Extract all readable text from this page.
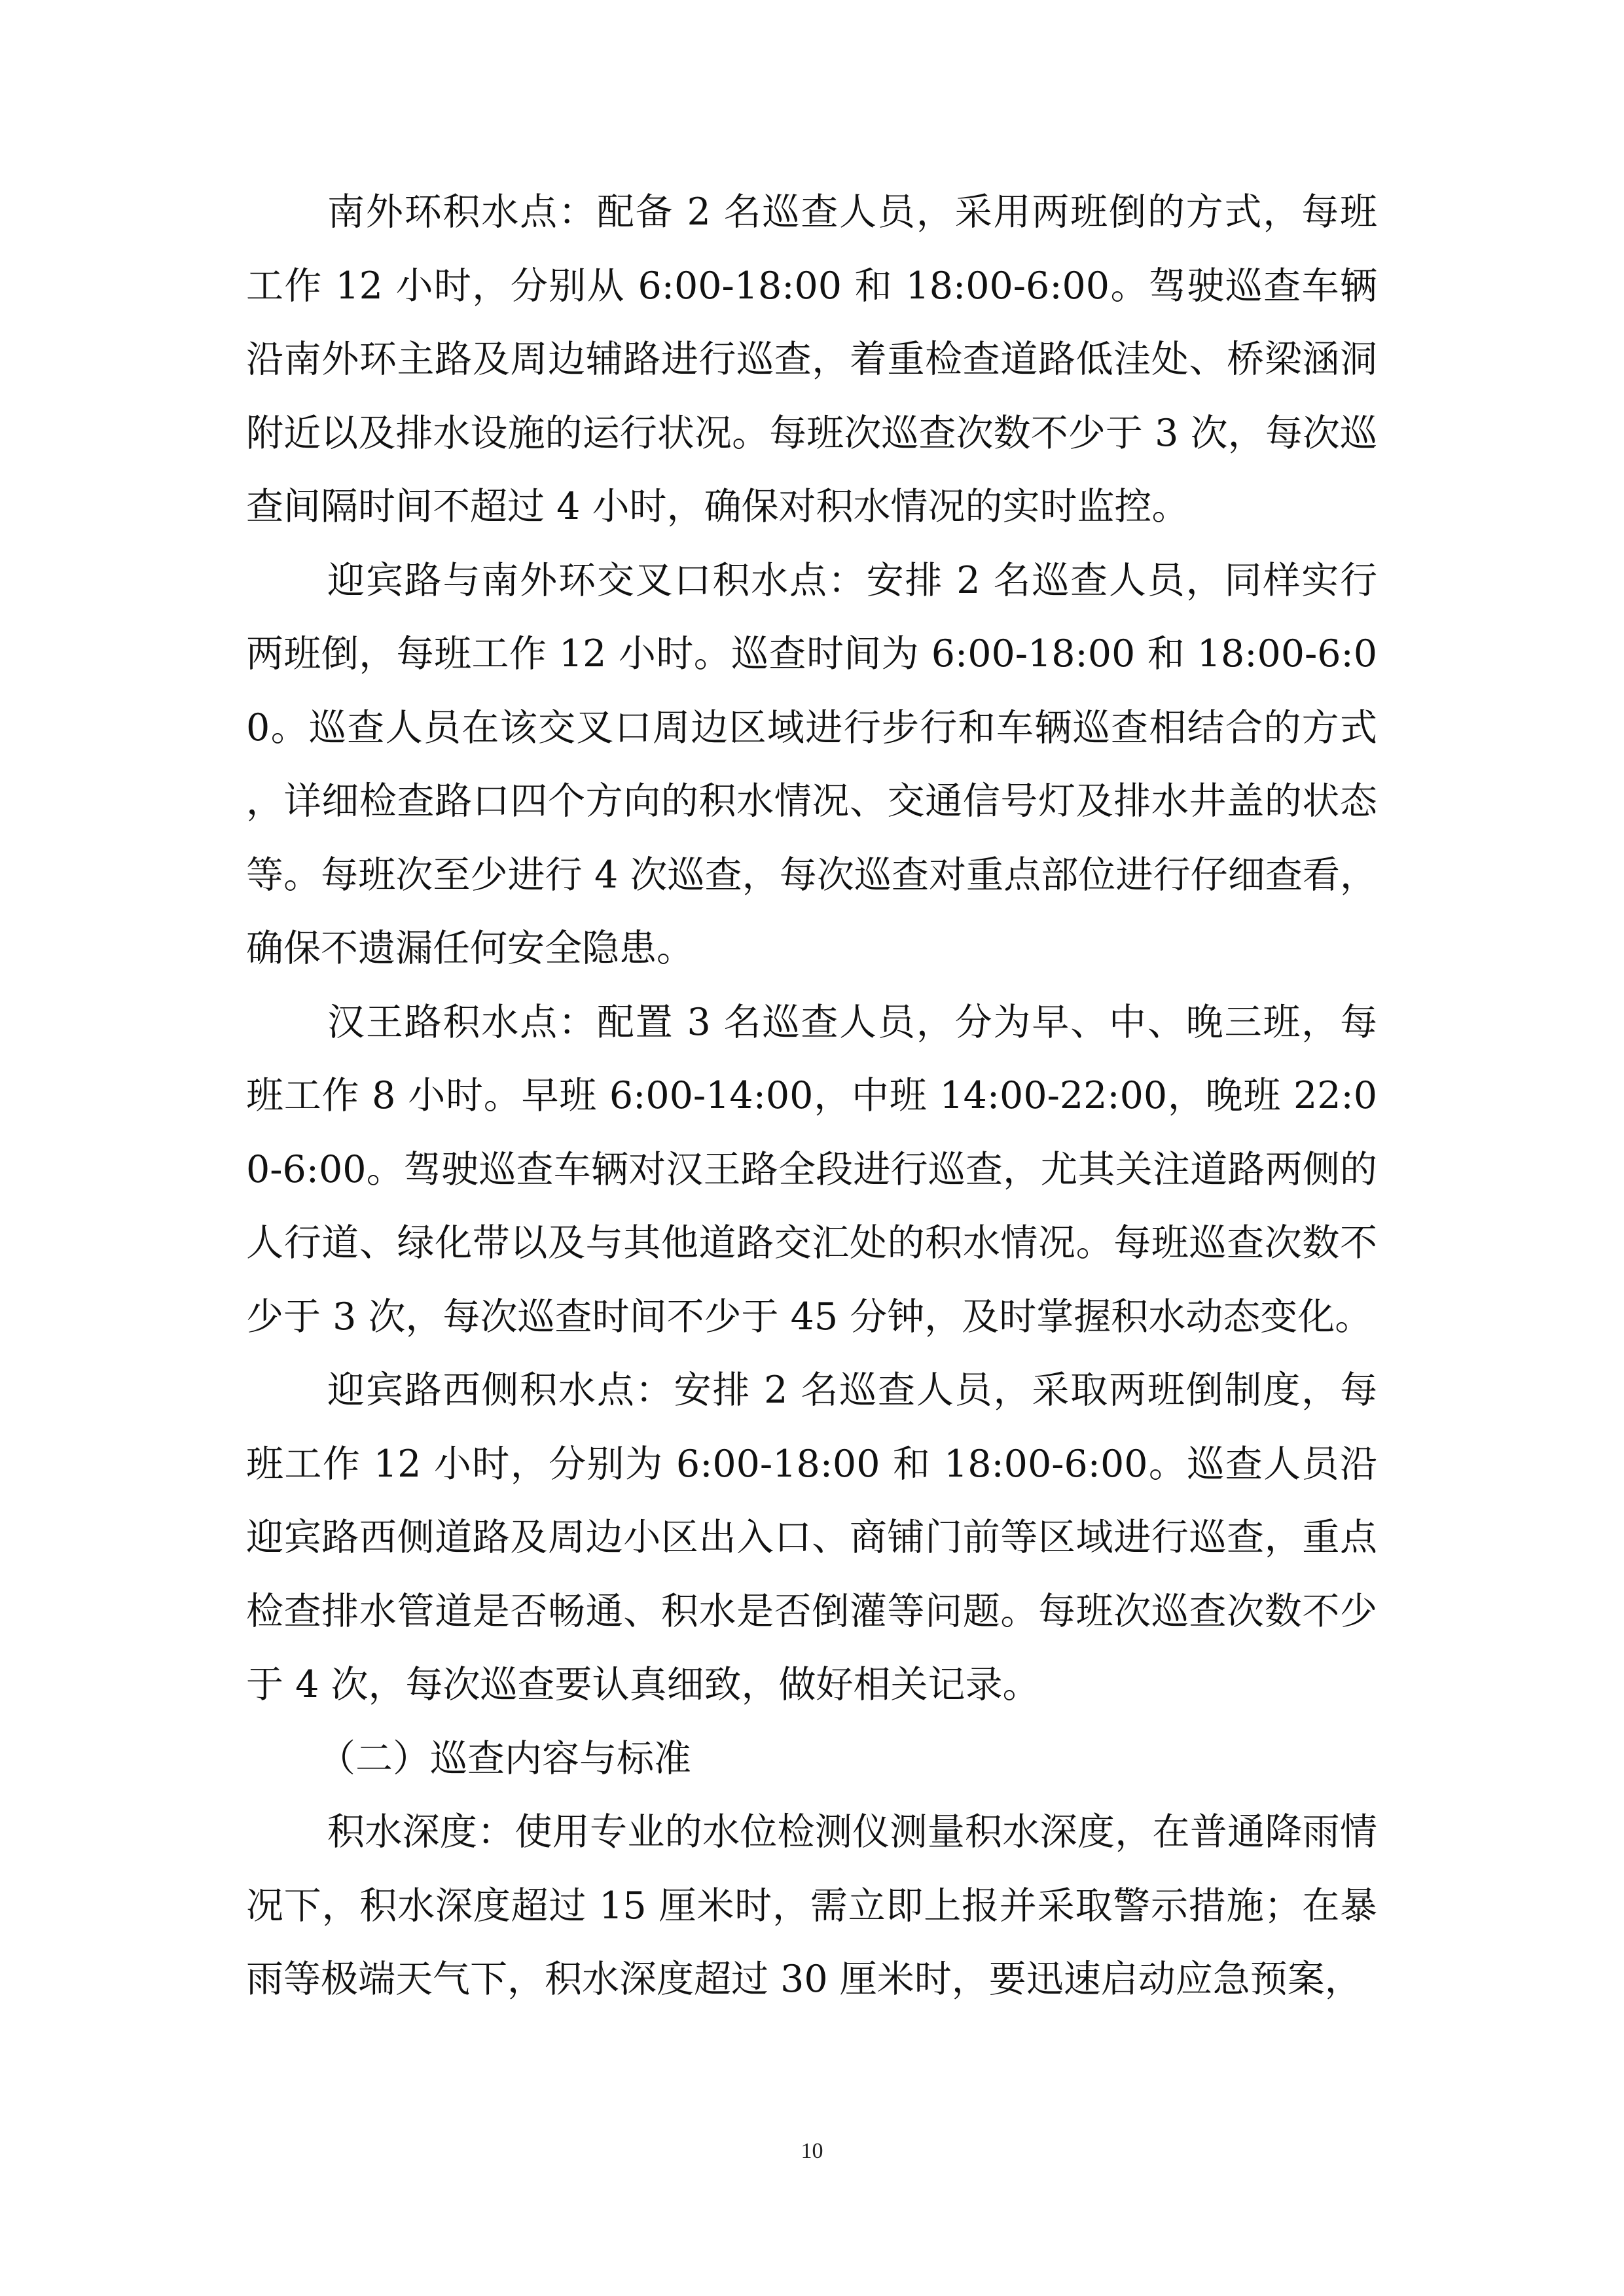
南外环积水点：配备 2 名巡查人员，采用两班倒的方式，每班工作 12 小时，分别从 6:00-18:00 和 18:00-6:00。驾驶巡查车辆沿南外环主路及周边辅路进行巡查，着重检查道路低洼处、桥梁涵洞附近以及排水设施的运行状况。每班次巡查次数不少于 3 次，每次巡查间隔时间不超过 4 小时，确保对积水情况的实时监控。

迎宾路与南外环交叉口积水点：安排 2 名巡查人员，同样实行两班倒，每班工作 12 小时。巡查时间为 6:00-18:00 和 18:00-6:00。巡查人员在该交叉口周边区域进行步行和车辆巡查相结合的方式，详细检查路口四个方向的积水情况、交通信号灯及排水井盖的状态等。每班次至少进行 4 次巡查，每次巡查对重点部位进行仔细查看，确保不遗漏任何安全隐患。

汉王路积水点：配置 3 名巡查人员，分为早、中、晚三班，每班工作 8 小时。早班 6:00-14:00，中班 14:00-22:00，晚班 22:00-6:00。驾驶巡查车辆对汉王路全段进行巡查，尤其关注道路两侧的人行道、绿化带以及与其他道路交汇处的积水情况。每班巡查次数不少于 3 次，每次巡查时间不少于 45 分钟，及时掌握积水动态变化。

迎宾路西侧积水点：安排 2 名巡查人员，采取两班倒制度，每班工作 12 小时，分别为 6:00-18:00 和 18:00-6:00。巡查人员沿迎宾路西侧道路及周边小区出入口、商铺门前等区域进行巡查，重点检查排水管道是否畅通、积水是否倒灌等问题。每班次巡查次数不少于 4 次，每次巡查要认真细致，做好相关记录。

（二）巡查内容与标准

积水深度：使用专业的水位检测仪测量积水深度，在普通降雨情况下，积水深度超过 15 厘米时，需立即上报并采取警示措施；在暴雨等极端天气下，积水深度超过 30 厘米时，要迅速启动应急预案，

10
